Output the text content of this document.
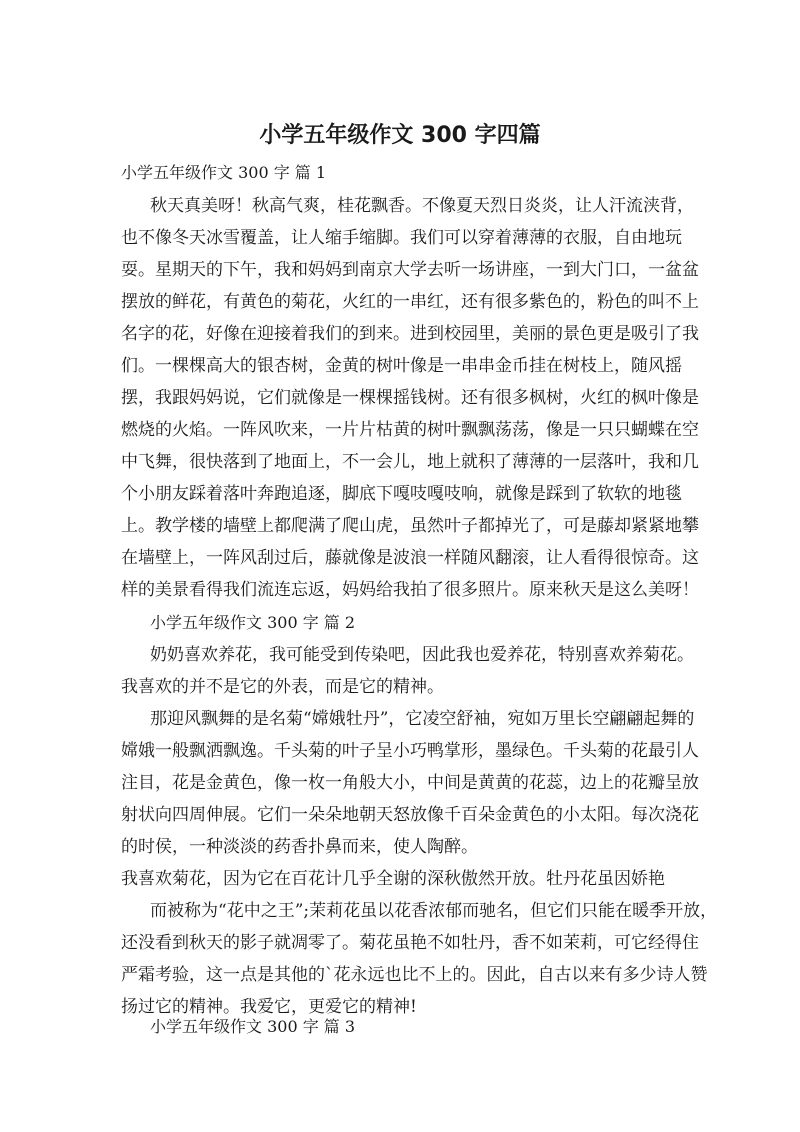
小学五年级作文 300 字四篇
小学五年级作文 300 字 篇 1
秋天真美呀！秋高气爽，桂花飘香。不像夏天烈日炎炎，让人汗流浃背，
也不像冬天冰雪覆盖，让人缩手缩脚。我们可以穿着薄薄的衣服，自由地玩
耍。星期天的下午，我和妈妈到南京大学去听一场讲座，一到大门口，一盆盆
摆放的鲜花，有黄色的菊花，火红的一串红，还有很多紫色的，粉色的叫不上
名字的花，好像在迎接着我们的到来。进到校园里，美丽的景色更是吸引了我
们。一棵棵高大的银杏树，金黄的树叶像是一串串金币挂在树枝上，随风摇
摆，我跟妈妈说，它们就像是一棵棵摇钱树。还有很多枫树，火红的枫叶像是
燃烧的火焰。一阵风吹来，一片片枯黄的树叶飘飘荡荡，像是一只只蝴蝶在空
中飞舞，很快落到了地面上，不一会儿，地上就积了薄薄的一层落叶，我和几
个小朋友踩着落叶奔跑追逐，脚底下嘎吱嘎吱响，就像是踩到了软软的地毯
上。教学楼的墙壁上都爬满了爬山虎，虽然叶子都掉光了，可是藤却紧紧地攀
在墙壁上，一阵风刮过后，藤就像是波浪一样随风翻滚，让人看得很惊奇。这
样的美景看得我们流连忘返，妈妈给我拍了很多照片。原来秋天是这么美呀！
小学五年级作文 300 字 篇 2
奶奶喜欢养花，我可能受到传染吧，因此我也爱养花，特别喜欢养菊花。
我喜欢的并不是它的外表，而是它的精神。
那迎风飘舞的是名菊“嫦娥牡丹”，它凌空舒袖，宛如万里长空翩翩起舞的
嫦娥一般飘洒飘逸。千头菊的叶子呈小巧鸭掌形，墨绿色。千头菊的花最引人
注目，花是金黄色，像一枚一角般大小，中间是黄黄的花蕊，边上的花瓣呈放
射状向四周伸展。它们一朵朵地朝天怒放像千百朵金黄色的小太阳。每次浇花
的时侯，一种淡淡的药香扑鼻而来，使人陶醉。
我喜欢菊花，因为它在百花计几乎全谢的深秋傲然开放。牡丹花虽因娇艳
而被称为“花中之王”;茉莉花虽以花香浓郁而驰名，但它们只能在暖季开放，
还没看到秋天的影子就凋零了。菊花虽艳不如牡丹，香不如茉莉，可它经得住
严霜考验，这一点是其他的`花永远也比不上的。因此，自古以来有多少诗人赞
扬过它的精神。我爱它，更爱它的精神!
小学五年级作文 300 字 篇 3
